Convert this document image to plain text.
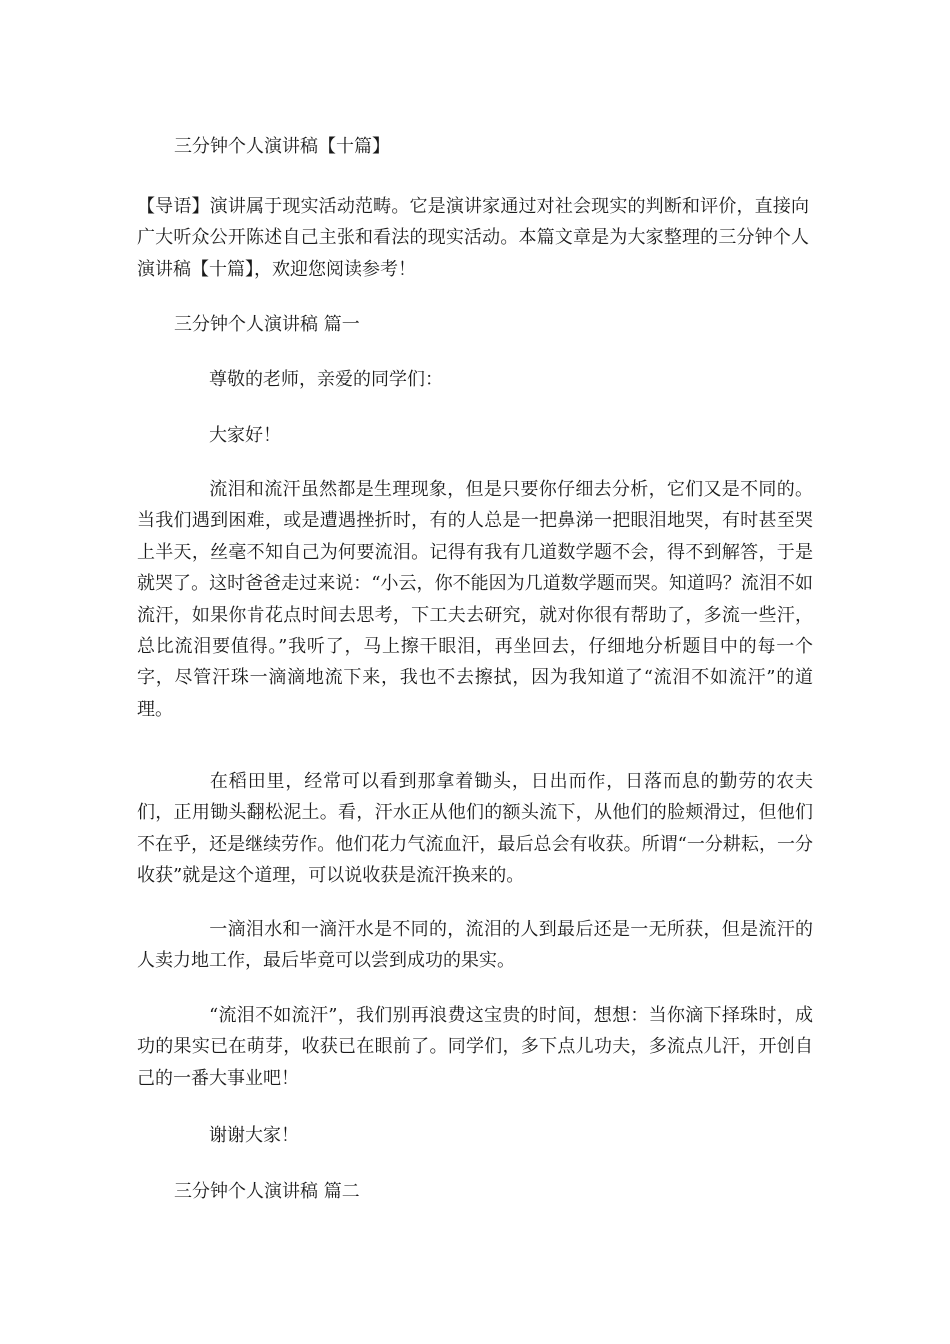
三分钟个人演讲稿【十篇】
【导语】演讲属于现实活动范畴。它是演讲家通过对社会现实的判断和评价，直接向广大听众公开陈述自己主张和看法的现实活动。本篇文章是为大家整理的三分钟个人演讲稿【十篇】，欢迎您阅读参考！
三分钟个人演讲稿 篇一
尊敬的老师，亲爱的同学们：
大家好！
流泪和流汗虽然都是生理现象，但是只要你仔细去分析，它们又是不同的。当我们遇到困难，或是遭遇挫折时，有的人总是一把鼻涕一把眼泪地哭，有时甚至哭上半天，丝毫不知自己为何要流泪。记得有我有几道数学题不会，得不到解答，于是就哭了。这时爸爸走过来说：“小云，你不能因为几道数学题而哭。知道吗？流泪不如流汗，如果你肯花点时间去思考，下工夫去研究，就对你很有帮助了，多流一些汗，总比流泪要值得。”我听了，马上擦干眼泪，再坐回去，仔细地分析题目中的每一个字，尽管汗珠一滴滴地流下来，我也不去擦拭，因为我知道了“流泪不如流汗”的道理。
在稻田里，经常可以看到那拿着锄头，日出而作，日落而息的勤劳的农夫们，正用锄头翻松泥土。看，汗水正从他们的额头流下，从他们的脸颊滑过，但他们不在乎，还是继续劳作。他们花力气流血汗，最后总会有收获。所谓“一分耕耘，一分收获”就是这个道理，可以说收获是流汗换来的。
一滴泪水和一滴汗水是不同的，流泪的人到最后还是一无所获，但是流汗的人卖力地工作，最后毕竟可以尝到成功的果实。
“流泪不如流汗”，我们别再浪费这宝贵的时间，想想：当你滴下择珠时，成功的果实已在萌芽，收获已在眼前了。同学们，多下点儿功夫，多流点儿汗，开创自己的一番大事业吧！
谢谢大家！
三分钟个人演讲稿 篇二
